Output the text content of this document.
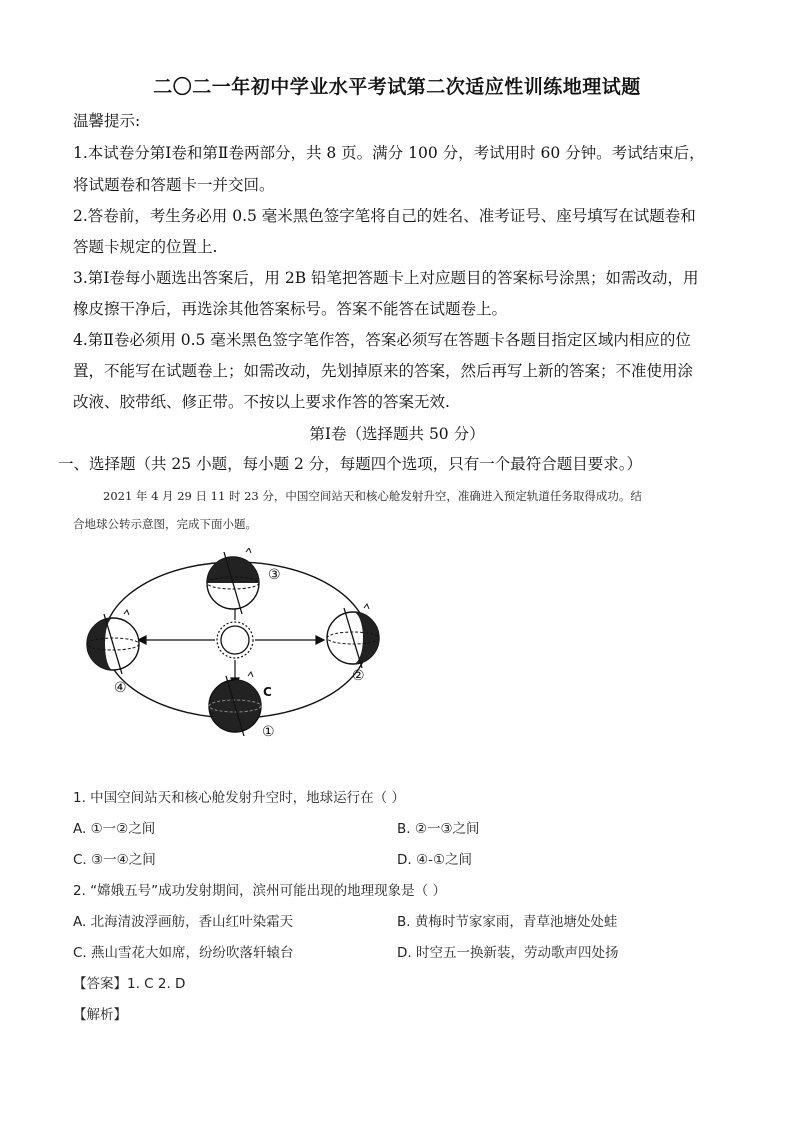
二〇二一年初中学业水平考试第二次适应性训练地理试题
温馨提示:
1.本试卷分第Ⅰ卷和第Ⅱ卷两部分，共 8 页。满分 100 分，考试用时 60 分钟。考试结束后，
将试题卷和答题卡一并交回。
2.答卷前，考生务必用 0.5 毫米黑色签字笔将自己的姓名、准考证号、座号填写在试题卷和
答题卡规定的位置上.
3.第Ⅰ卷每小题选出答案后，用 2B 铅笔把答题卡上对应题目的答案标号涂黑；如需改动，用
橡皮擦干净后，再选涂其他答案标号。答案不能答在试题卷上。
4.第Ⅱ卷必须用 0.5 毫米黑色签字笔作答，答案必须写在答题卡各题目指定区域内相应的位
置，不能写在试题卷上；如需改动，先划掉原来的答案，然后再写上新的答案；不准使用涂
改液、胶带纸、修正带。不按以上要求作答的答案无效.
第Ⅰ卷（选择题共 50 分）
一、选择题（共 25 小题，每小题 2 分，每题四个选项，只有一个最符合题目要求。）
2021 年 4 月 29 日 11 时 23 分，中国空间站天和核心舱发射升空，准确进入预定轨道任务取得成功。结
合地球公转示意图，完成下面小题。
③
②
④
①
C
1. 中国空间站天和核心舱发射升空时，地球运行在（ ）
A. ①一②之间	B. ②一③之间
C. ③一④之间	D. ④-①之间
2. “嫦娥五号”成功发射期间，滨州可能出现的地理现象是（ ）
A. 北海清波浮画舫，香山红叶染霜天	B. 黄梅时节家家雨，青草池塘处处蛙
C. 燕山雪花大如席，纷纷吹落轩辕台	D. 时空五一换新装，劳动歌声四处扬
【答案】1. C 2. D
【解析】
